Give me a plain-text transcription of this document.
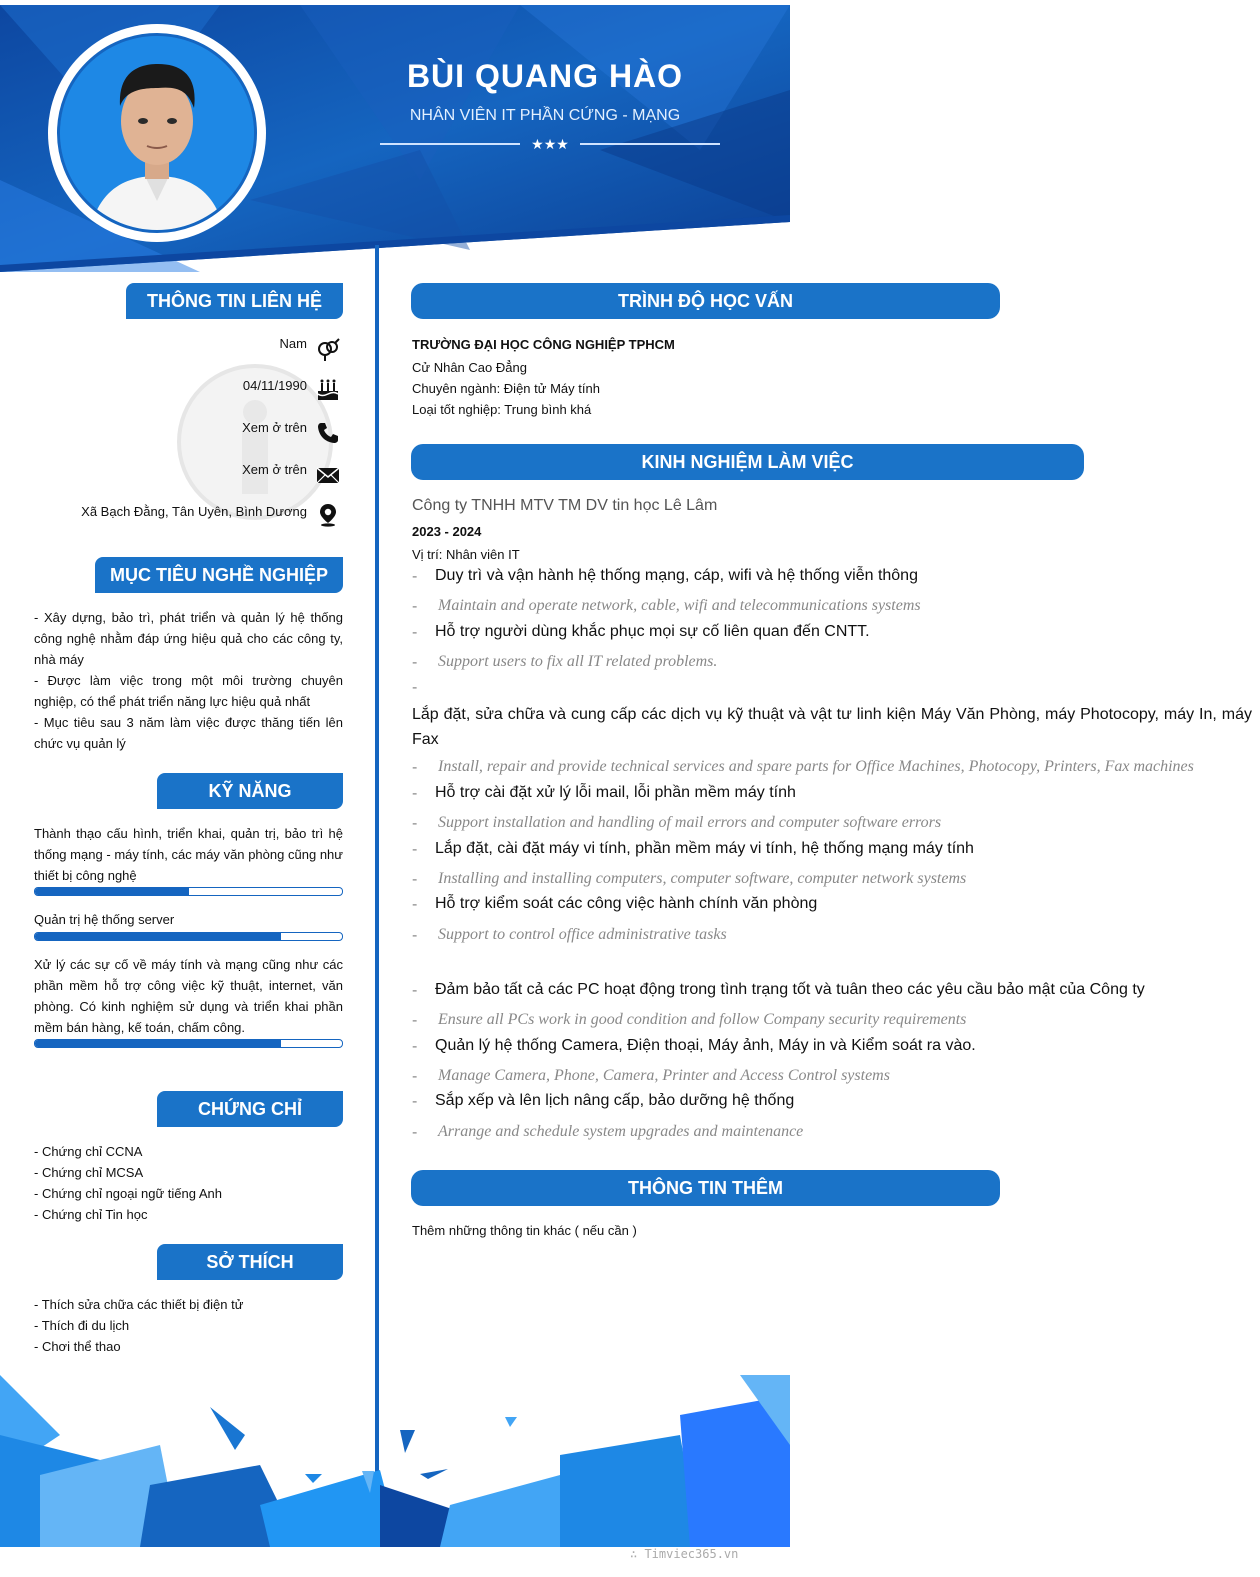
BÙI QUANG HÀO
NHÂN VIÊN IT PHẦN CỨNG - MẠNG
★★★
THÔNG TIN LIÊN HỆ
Nam
04/11/1990
Xem ở trên
Xem ở trên
Xã Bạch Đằng, Tân Uyên, Bình Dương
MỤC TIÊU NGHỀ NGHIỆP
- Xây dựng, bảo trì, phát triển và quản lý hệ thống công nghệ nhằm đáp ứng hiệu quả cho các công ty, nhà máy
- Được làm việc trong một môi trường chuyên nghiệp, có thể phát triển năng lực hiệu quả nhất
- Mục tiêu sau 3 năm làm việc được thăng tiến lên chức vụ quản lý
KỸ NĂNG
Thành thạo cấu hình, triển khai, quản trị, bảo trì hệ thống mạng - máy tính, các máy văn phòng cũng như thiết bị công nghệ
Quản trị hệ thống server
Xử lý các sự cố về máy tính và mạng cũng như các phần mềm hỗ trợ công việc kỹ thuật, internet, văn phòng. Có kinh nghiệm sử dụng và triển khai phần mềm bán hàng, kế toán, chấm công.
CHỨNG CHỈ
- Chứng chỉ CCNA
- Chứng chỉ MCSA
- Chứng chỉ ngoại ngữ tiếng Anh
- Chứng chỉ Tin học
SỞ THÍCH
- Thích sửa chữa các thiết bị điện tử
- Thích đi du lịch
- Chơi thể thao
TRÌNH ĐỘ HỌC VẤN
TRƯỜNG ĐẠI HỌC CÔNG NGHIỆP TPHCM
Cử Nhân Cao Đẳng
Chuyên ngành: Điện tử Máy tính
Loại tốt nghiệp: Trung bình khá
KINH NGHIỆM LÀM VIỆC
Công ty TNHH MTV TM DV tin học Lê Lâm
2023 - 2024
Vị trí: Nhân viên IT
- Duy trì và vận hành hệ thống mạng, cáp, wifi và hệ thống viễn thông
- Maintain and operate network, cable, wifi and telecommunications systems
- Hỗ trợ người dùng khắc phục mọi sự cố liên quan đến CNTT.
- Support users to fix all IT related problems.
-
Lắp đặt, sửa chữa và cung cấp các dịch vụ kỹ thuật và vật tư linh kiện Máy Văn Phòng, máy Photocopy, máy In, máy Fax
- Install, repair and provide technical services and spare parts for Office Machines, Photocopy, Printers, Fax machines
- Hỗ trợ cài đặt xử lý lỗi mail, lỗi phần mềm máy tính
- Support installation and handling of mail errors and computer software errors
- Lắp đặt, cài đặt máy vi tính, phần mềm máy vi tính, hệ thống mạng máy tính
- Installing and installing computers, computer software, computer network systems
- Hỗ trợ kiểm soát các công việc hành chính văn phòng
- Support to control office administrative tasks
- Đảm bảo tất cả các PC hoạt động trong tình trạng tốt và tuân theo các yêu cầu bảo mật của Công ty
- Ensure all PCs work in good condition and follow Company security requirements
- Quản lý hệ thống Camera, Điện thoại, Máy ảnh, Máy in và Kiểm soát ra vào.
- Manage Camera, Phone, Camera, Printer and Access Control systems
- Sắp xếp và lên lịch nâng cấp, bảo dưỡng hệ thống
- Arrange and schedule system upgrades and maintenance
THÔNG TIN THÊM
Thêm những thông tin khác ( nếu cần )
∴ Timviec365.vn
